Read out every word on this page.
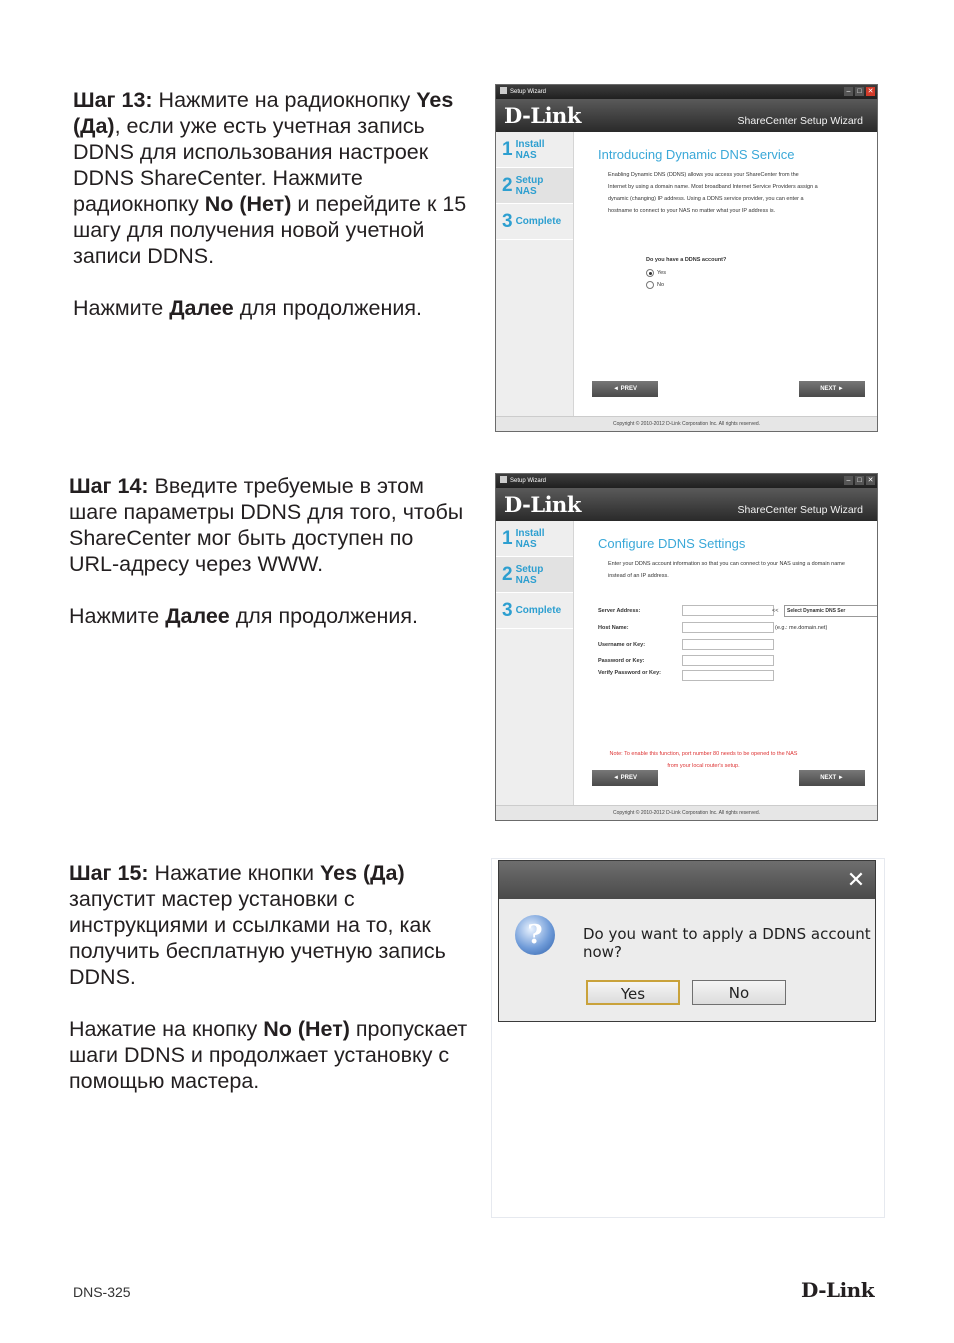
Шаг 13: Нажмите на радиокнопку Yes (Да), если уже есть учетная запись DDNS для использования настроек DDNS ShareCenter. Нажмите радиокнопку No (Нет) и перейдите к 15 шагу для получения новой учетной записи DDNS.

Нажмите Далее для продолжения.

Шаг 14: Введите требуемые в этом шаге параметры DDNS для того, чтобы ShareCenter мог быть доступен по URL-адресу через WWW.

Нажмите Далее для продолжения.

Шаг 15: Нажатие кнопки Yes (Да) запустит мастер установки с инструкциями и ссылками на то, как получить бесплатную учетную запись DDNS.

Нажатие на кнопку No (Нет) пропускает шаги DDNS и продолжает установку с помощью мастера.

Setup Wizard	– □ ✕
D-Link	ShareCenter Setup Wizard
1 Install
NAS
2 Setup
NAS
3 Complete
Introducing Dynamic DNS Service
Enabling Dynamic DNS (DDNS) allows you access your ShareCenter from the Internet by using a domain name. Most broadband Internet Service Providers assign a dynamic (changing) IP address. Using a DDNS service provider, you can enter a hostname to connect to your NAS no matter what your IP address is.
Do you have a DDNS account?
Yes
No
◄ PREV	NEXT ►
Copyright © 2010-2012 D-Link Corporation Inc. All rights reserved.
Setup Wizard	– □ ✕
D-Link	ShareCenter Setup Wizard
1 Install
NAS
2 Setup
NAS
3 Complete
Configure DDNS Settings
Enter your DDNS account information so that you can connect to your NAS using a domain name instead of an IP address.
Server Address:	<<
Host Name:	(e.g.: me.domain.net)
Username or Key:
Password or Key:
Verify Password or Key:
Note: To enable this function, port number 80 needs to be opened to the NAS from your local router's setup.
Select Dynamic DNS Ser
◄ PREV	NEXT ►
Copyright © 2010-2012 D-Link Corporation Inc. All rights reserved.
✕
?	Do you want to apply a DDNS account now?
Yes	No
DNS-325	D-Link
